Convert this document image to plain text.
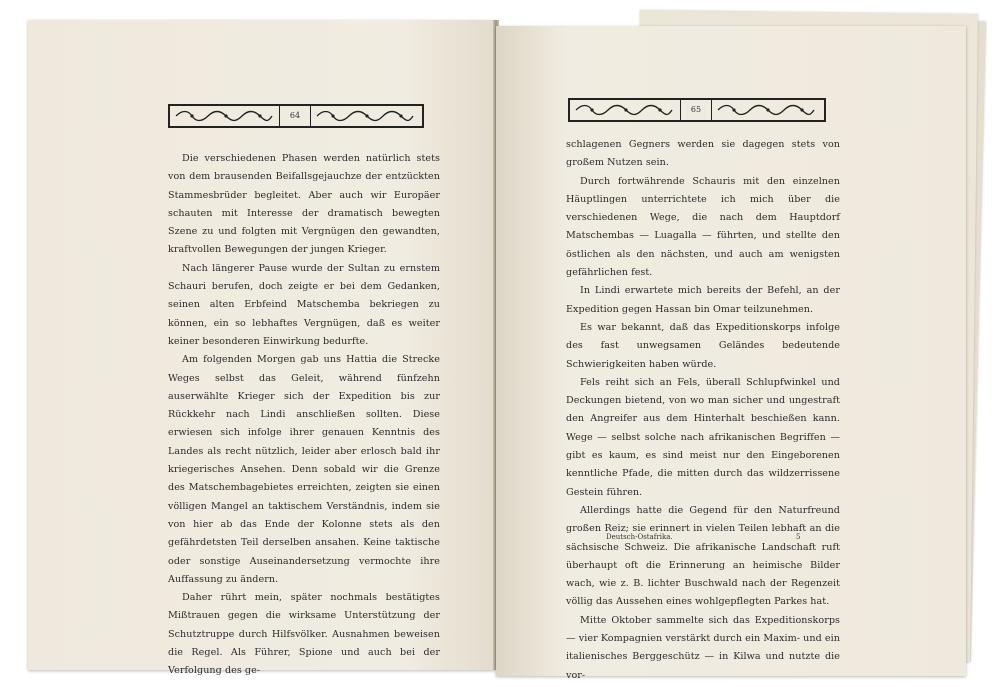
64

Die verschiedenen Phasen werden natürlich stets von dem brausenden Beifallsgejauchze der entzückten Stammesbrüder begleitet. Aber auch wir Europäer schauten mit Interesse der dramatisch bewegten Szene zu und folgten mit Vergnügen den gewandten, kraftvollen Bewegungen der jungen Krieger.

Nach längerer Pause wurde der Sultan zu ernstem Schauri berufen, doch zeigte er bei dem Gedanken, seinen alten Erbfeind Matschemba bekriegen zu können, ein so lebhaftes Vergnügen, daß es weiter keiner besonderen Einwirkung bedurfte.

Am folgenden Morgen gab uns Hattia die Strecke Weges selbst das Geleit, während fünfzehn auserwählte Krieger sich der Expedition bis zur Rückkehr nach Lindi anschließen sollten. Diese erwiesen sich infolge ihrer genauen Kenntnis des Landes als recht nützlich, leider aber erlosch bald ihr kriegerisches Ansehen. Denn sobald wir die Grenze des Matschembagebietes erreichten, zeigten sie einen völligen Mangel an taktischem Verständnis, indem sie von hier ab das Ende der Kolonne stets als den gefährdetsten Teil derselben ansahen. Keine taktische oder sonstige Auseinandersetzung vermochte ihre Auffassung zu ändern.

Daher rührt mein, später nochmals bestätigtes Mißtrauen gegen die wirksame Unterstützung der Schutztruppe durch Hilfsvölker. Ausnahmen beweisen die Regel. Als Führer, Spione und auch bei der Verfolgung des ge-

65

schlagenen Gegners werden sie dagegen stets von großem Nutzen sein.

Durch fortwährende Schauris mit den einzelnen Häuptlingen unterrichtete ich mich über die verschiedenen Wege, die nach dem Hauptdorf Matschembas — Luagalla — führten, und stellte den östlichen als den nächsten, und auch am wenigsten gefährlichen fest.

In Lindi erwartete mich bereits der Befehl, an der Expedition gegen Hassan bin Omar teilzunehmen.

Es war bekannt, daß das Expeditionskorps infolge des fast unwegsamen Geländes bedeutende Schwierigkeiten haben würde.

Fels reiht sich an Fels, überall Schlupfwinkel und Deckungen bietend, von wo man sicher und ungestraft den Angreifer aus dem Hinterhalt beschießen kann. Wege — selbst solche nach afrikanischen Begriffen — gibt es kaum, es sind meist nur den Eingeborenen kenntliche Pfade, die mitten durch das wildzerrissene Gestein führen.

Allerdings hatte die Gegend für den Naturfreund großen Reiz; sie erinnert in vielen Teilen lebhaft an die sächsische Schweiz. Die afrikanische Landschaft ruft überhaupt oft die Erinnerung an heimische Bilder wach, wie z. B. lichter Buschwald nach der Regenzeit völlig das Aussehen eines wohlgepflegten Parkes hat.

Mitte Oktober sammelte sich das Expeditionskorps — vier Kompagnien verstärkt durch ein Maxim- und ein italienisches Berggeschütz — in Kilwa und nutzte die vor-

Deutsch-Ostafrika.	5
